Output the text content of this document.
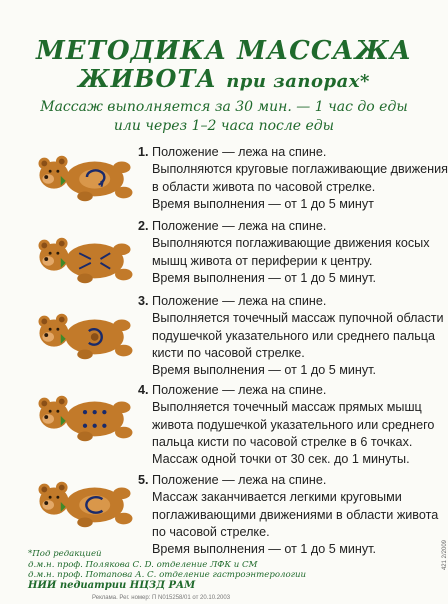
МЕТОДИКА МАССАЖА
ЖИВОТА при запорах*
Массаж выполняется за 30 мин. — 1 час до еды
или через 1–2 часа после еды
1. Положение — лежа на спине.
Выполняются круговые поглаживающие движения
в области живота по часовой стрелке.
Время выполнения — от 1 до 5 минут
2. Положение — лежа на спине.
Выполняются поглаживающие движения косых
мышц живота от периферии к центру.
Время выполнения — от 1 до 5 минут.
3. Положение — лежа на спине.
Выполняется точечный массаж пупочной области
подушечкой указательного или среднего пальца
кисти по часовой стрелке.
Время выполнения — от 1 до 5 минут.
4. Положение — лежа на спине.
Выполняется точечный массаж прямых мышц
живота подушечкой указательного или среднего
пальца кисти по часовой стрелке в 6 точках.
Массаж одной точки от 30 сек. до 1 минуты.
5. Положение — лежа на спине.
Массаж заканчивается легкими круговыми
поглаживающими движениями в области живота
по часовой стрелке.
Время выполнения — от 1 до 5 минут.
*Под редакцией
д.м.н. проф. Полякова С. D. отделение ЛФК и СМ
д.м.н. проф. Потапова А. С. отделение гастроэнтерологии
НИИ педиатрии НЦЗД РАМ
Реклама. Рег. номер: П N015258/01 от 20.10.2003
421 2/2009
